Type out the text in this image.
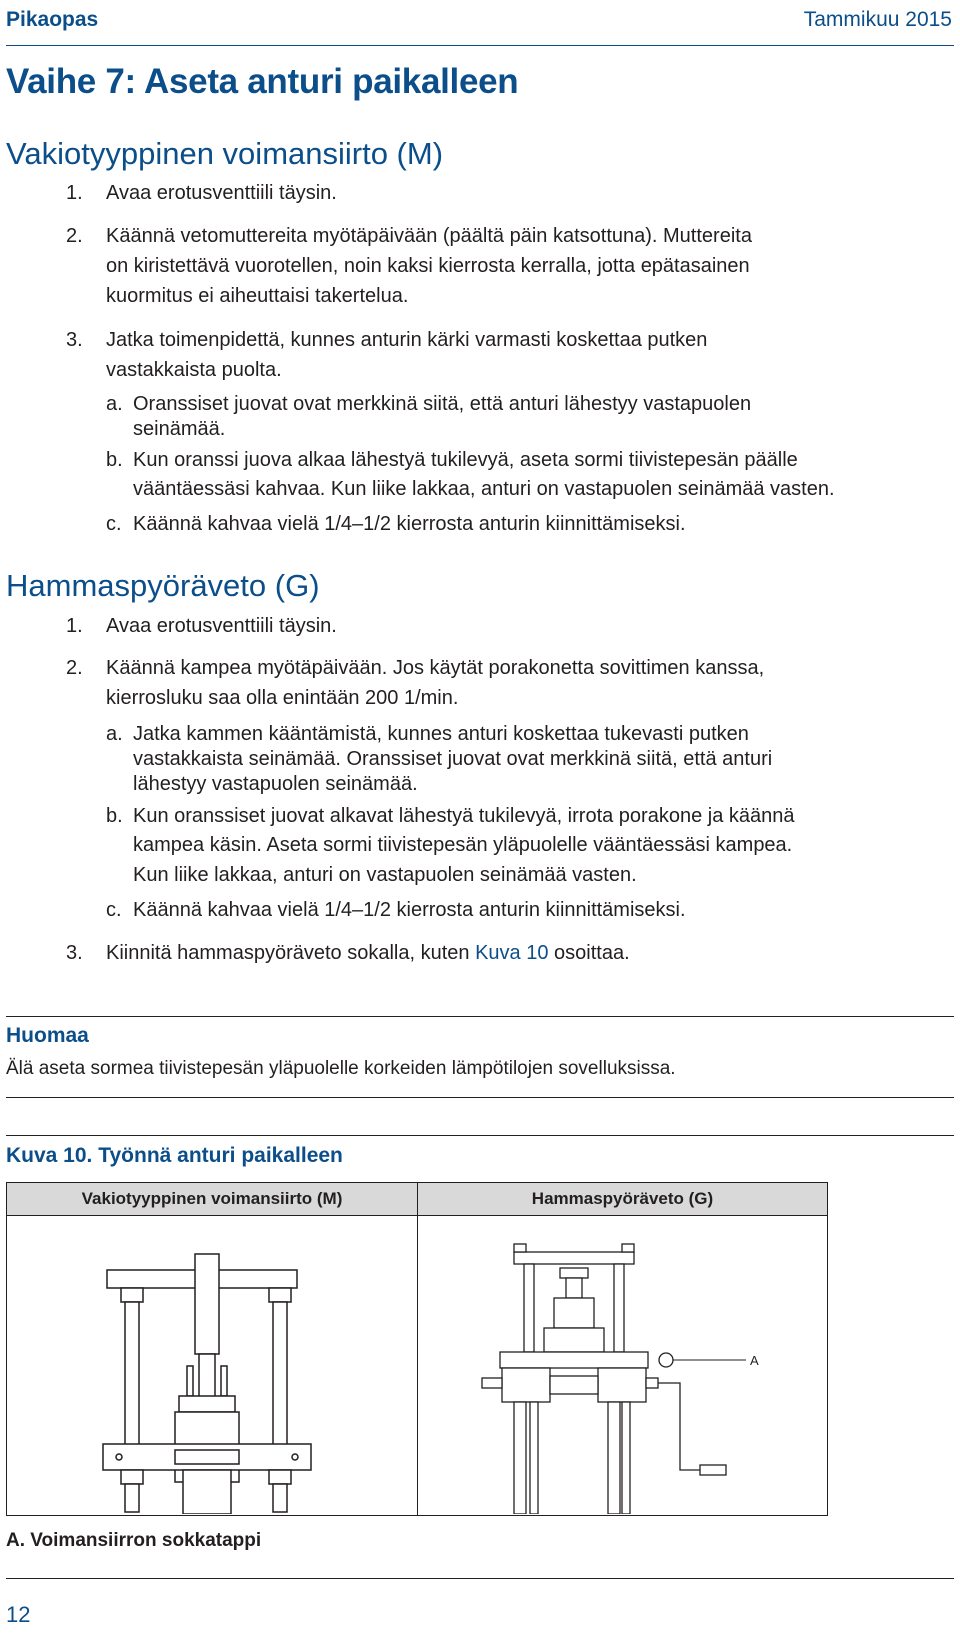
Pikaopas	Tammikuu 2015
Vaihe 7: Aseta anturi paikalleen
Vakiotyyppinen voimansiirto (M)
1. Avaa erotusventtiili täysin.
2. Käännä vetomuttereita myötäpäivään (päältä päin katsottuna). Muttereita
on kiristettävä vuorotellen, noin kaksi kierrosta kerralla, jotta epätasainen
kuormitus ei aiheuttaisi takertelua.
3. Jatka toimenpidettä, kunnes anturin kärki varmasti koskettaa putken
vastakkaista puolta.
a. Oranssiset juovat ovat merkkinä siitä, että anturi lähestyy vastapuolen
seinämää.
b. Kun oranssi juova alkaa lähestyä tukilevyä, aseta sormi tiivistepesän päälle
vääntäessäsi kahvaa. Kun liike lakkaa, anturi on vastapuolen seinämää vasten.
c. Käännä kahvaa vielä 1/4–1/2 kierrosta anturin kiinnittämiseksi.
Hammaspyöräveto (G)
1. Avaa erotusventtiili täysin.
2. Käännä kampea myötäpäivään. Jos käytät porakonetta sovittimen kanssa,
kierrosluku saa olla enintään 200 1/min.
a. Jatka kammen kääntämistä, kunnes anturi koskettaa tukevasti putken
vastakkaista seinämää. Oranssiset juovat ovat merkkinä siitä, että anturi
lähestyy vastapuolen seinämää.
b. Kun oranssiset juovat alkavat lähestyä tukilevyä, irrota porakone ja käännä
kampea käsin. Aseta sormi tiivistepesän yläpuolelle vääntäessäsi kampea.
Kun liike lakkaa, anturi on vastapuolen seinämää vasten.
c. Käännä kahvaa vielä 1/4–1/2 kierrosta anturin kiinnittämiseksi.
3. Kiinnitä hammaspyöräveto sokalla, kuten Kuva 10 osoittaa.
Huomaa
Älä aseta sormea tiivistepesän yläpuolelle korkeiden lämpötilojen sovelluksissa.
Kuva 10. Työnnä anturi paikalleen
Vakiotyyppinen voimansiirto (M)	Hammaspyöräveto (G)
A
A. Voimansiirron sokkatappi
12
